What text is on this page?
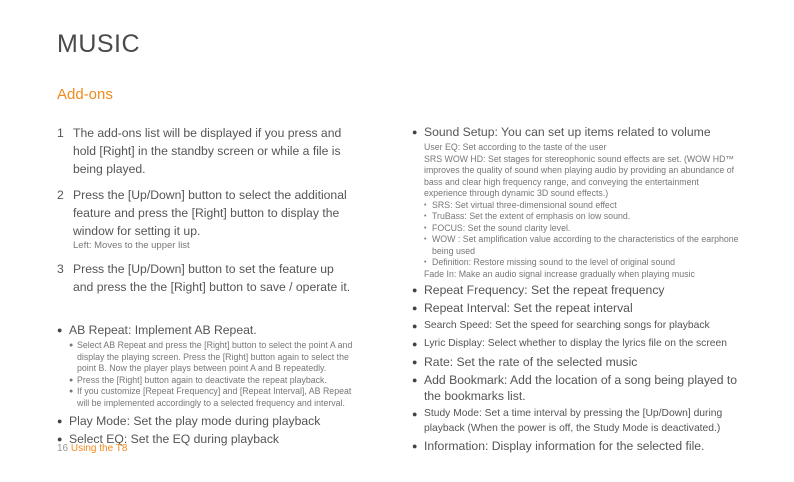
MUSIC
Add-ons
1 The add-ons list will be displayed if you press and hold [Right] in the standby screen or while a file is being played.
2 Press the [Up/Down] button to select the additional feature and press the [Right] button to display the window for setting it up.
Left: Moves to the upper list
3 Press the [Up/Down] button to set the feature up and press the the [Right] button to save / operate it.
● AB Repeat: Implement AB Repeat.
● Select AB Repeat and press the [Right] button to select the point A and display the playing screen. Press the [Right] button again to select the point B. Now the player plays between point A and B repeatedly.
● Press the [Right] button again to deactivate the repeat playback.
● If you customize [Repeat Frequency] and [Repeat Interval], AB Repeat will be implemented accordingly to a selected frequency and interval.
● Play Mode: Set the play mode during playback
● Select EQ: Set the EQ during playback
● Sound Setup: You can set up items related to volume
User EQ: Set according to the taste of the user
SRS WOW HD: Set stages for stereophonic sound effects are set. (WOW HD™ improves the quality of sound when playing audio by providing an abundance of bass and clear high frequency range, and conveying the entertainment experience through dynamic 3D sound effects.)
• SRS: Set virtual three-dimensional sound effect
• TruBass: Set the extent of emphasis on low sound.
• FOCUS: Set the sound clarity level.
• WOW : Set amplification value according to the characteristics of the earphone being used
• Definition: Restore missing sound to the level of original sound
Fade In: Make an audio signal increase gradually when playing music
● Repeat Frequency: Set the repeat frequency
● Repeat Interval: Set the repeat interval
● Search Speed: Set the speed for searching songs for playback
● Lyric Display: Select whether to display the lyrics file on the screen
● Rate: Set the rate of the selected music
● Add Bookmark: Add the location of a song being played to the bookmarks list.
● Study Mode: Set a time interval by pressing the [Up/Down] during playback (When the power is off, the Study Mode is deactivated.)
● Information: Display information for the selected file.
16 Using the T8
